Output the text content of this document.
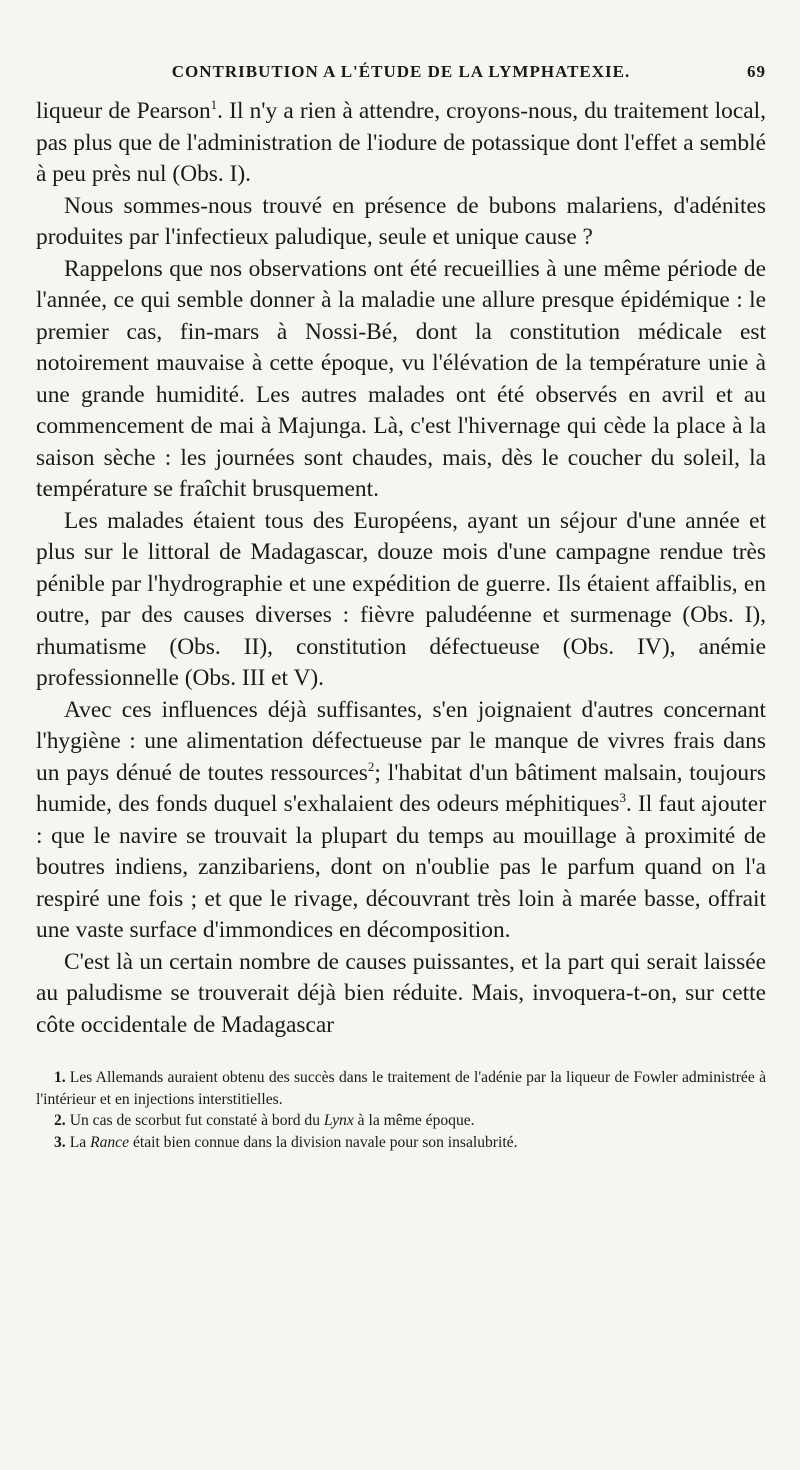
CONTRIBUTION A L'ÉTUDE DE LA LYMPHATEXIE.	69

liqueur de Pearson$^1$. Il n'y a rien à attendre, croyons-nous, du traitement local, pas plus que de l'administration de l'iodure de potassique dont l'effet a semblé à peu près nul (Obs. I).

Nous sommes-nous trouvé en présence de bubons malariens, d'adénites produites par l'infectieux paludique, seule et unique cause ?

Rappelons que nos observations ont été recueillies à une même période de l'année, ce qui semble donner à la maladie une allure presque épidémique : le premier cas, fin-mars à Nossi-Bé, dont la constitution médicale est notoirement mauvaise à cette époque, vu l'élévation de la température unie à une grande humidité. Les autres malades ont été observés en avril et au commencement de mai à Majunga. Là, c'est l'hivernage qui cède la place à la saison sèche : les journées sont chaudes, mais, dès le coucher du soleil, la température se fraîchit brusquement.

Les malades étaient tous des Européens, ayant un séjour d'une année et plus sur le littoral de Madagascar, douze mois d'une campagne rendue très pénible par l'hydrographie et une expédition de guerre. Ils étaient affaiblis, en outre, par des causes diverses : fièvre paludéenne et surmenage (Obs. I), rhumatisme (Obs. II), constitution défectueuse (Obs. IV), anémie professionnelle (Obs. III et V).

Avec ces influences déjà suffisantes, s'en joignaient d'autres concernant l'hygiène : une alimentation défectueuse par le manque de vivres frais dans un pays dénué de toutes ressources$^2$; l'habitat d'un bâtiment malsain, toujours humide, des fonds duquel s'exhalaient des odeurs méphitiques$^3$. Il faut ajouter : que le navire se trouvait la plupart du temps au mouillage à proximité de boutres indiens, zanzibariens, dont on n'oublie pas le parfum quand on l'a respiré une fois ; et que le rivage, découvrant très loin à marée basse, offrait une vaste surface d'immondices en décomposition.

C'est là un certain nombre de causes puissantes, et la part qui serait laissée au paludisme se trouverait déjà bien réduite. Mais, invoquera-t-on, sur cette côte occidentale de Madagascar

1. Les Allemands auraient obtenu des succès dans le traitement de l'adénie par la liqueur de Fowler administrée à l'intérieur et en injections interstitielles.

2. Un cas de scorbut fut constaté à bord du Lynx à la même époque.

3. La Rance était bien connue dans la division navale pour son insalubrité.
